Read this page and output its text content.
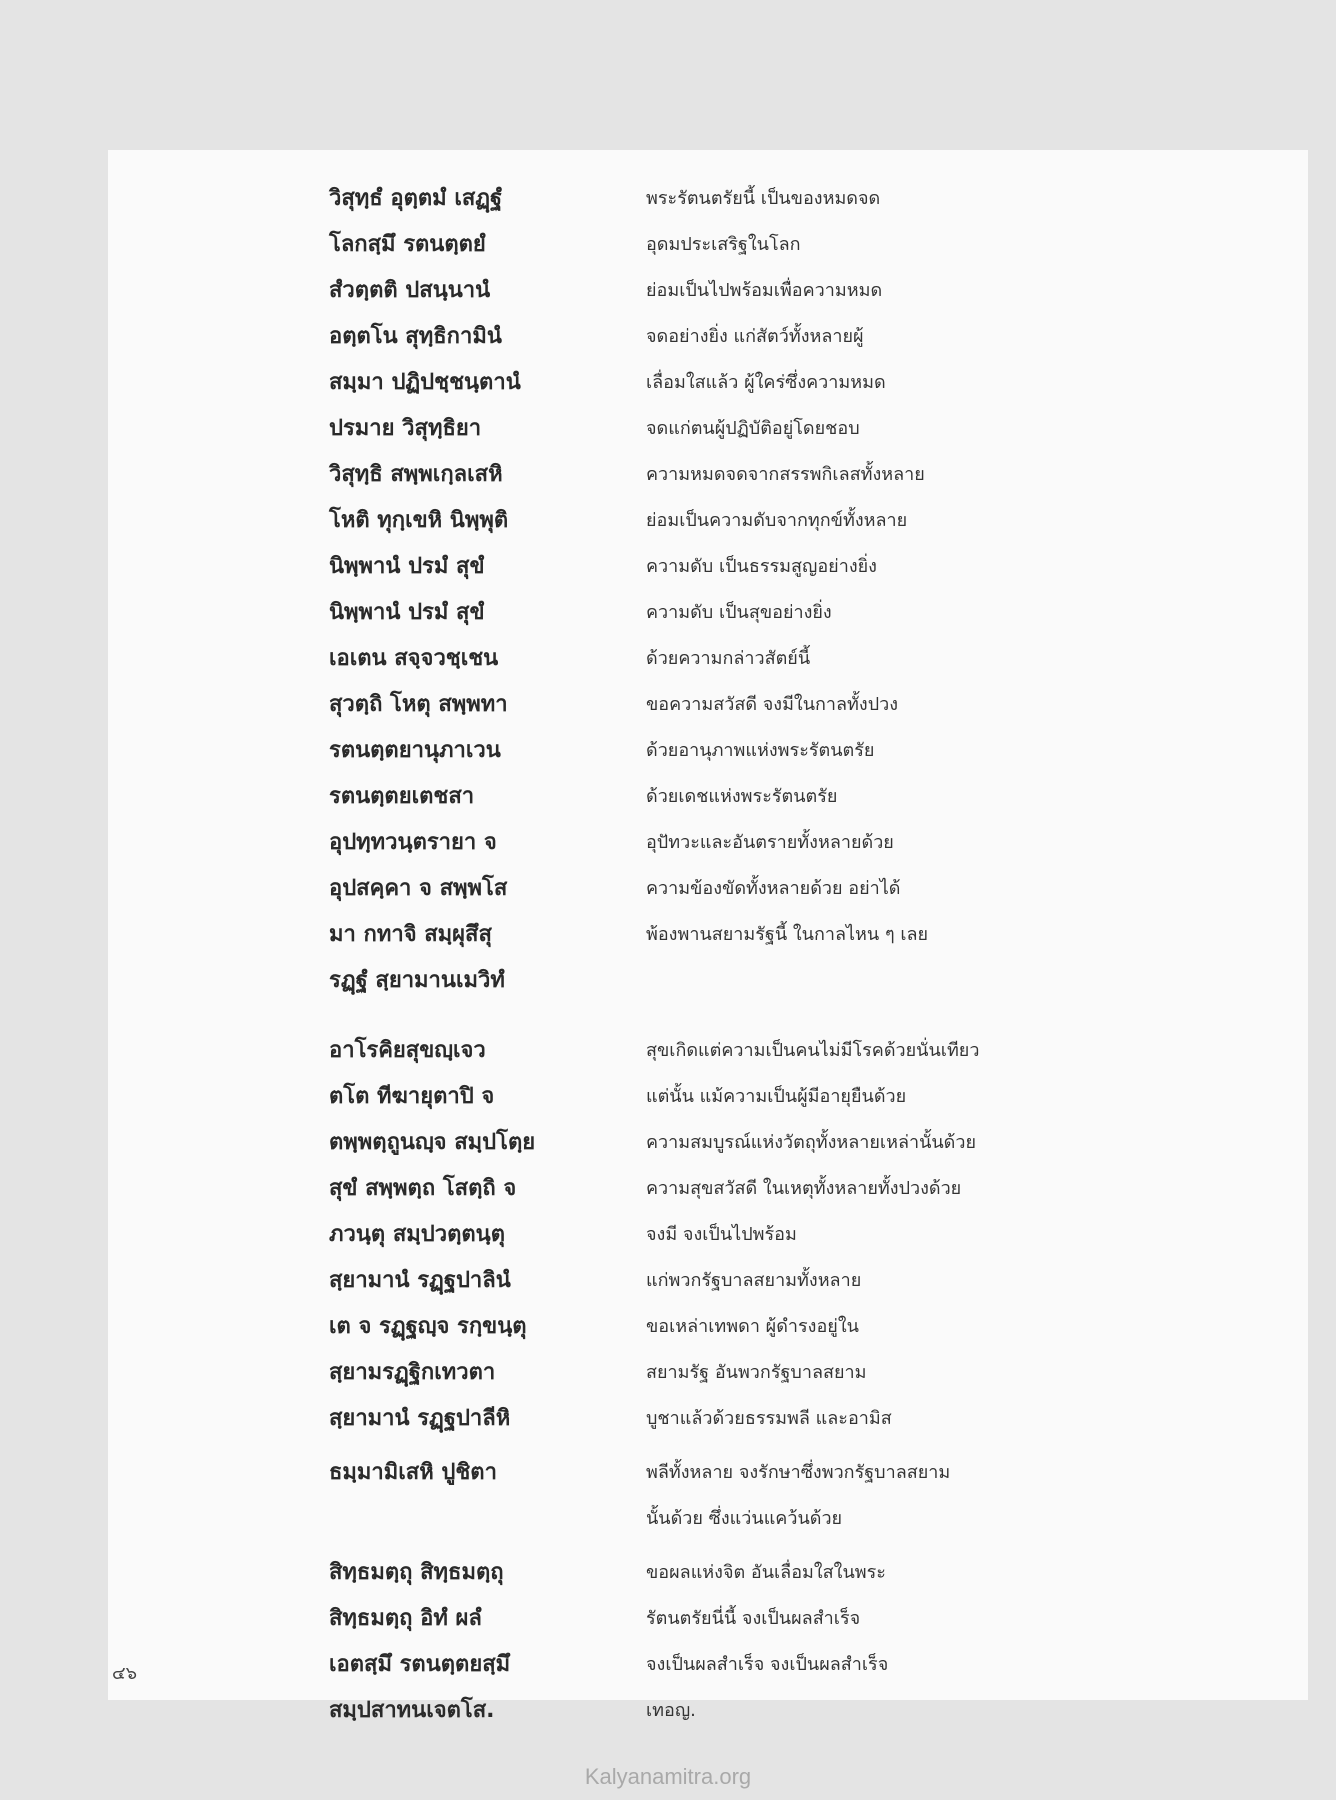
วิสุทฺธํ อุตฺตมํ เสฏฺฐํ	พระรัตนตรัยนี้ เป็นของหมดจด
โลกสฺมึ รตนตฺตยํ	อุดมประเสริฐในโลก
สํวตฺตติ ปสนฺนานํ	ย่อมเป็นไปพร้อมเพื่อความหมด
อตฺตโน สุทฺธิกามินํ	จดอย่างยิ่ง แก่สัตว์ทั้งหลายผู้
สมฺมา ปฏิปชฺชนฺตานํ	เลื่อมใสแล้ว ผู้ใคร่ซึ่งความหมด
ปรมาย วิสุทฺธิยา	จดแก่ตนผู้ปฏิบัติอยู่โดยชอบ
วิสุทฺธิ สพฺพเกฺลเสหิ	ความหมดจดจากสรรพกิเลสทั้งหลาย
โหติ ทุกฺเขหิ นิพฺพุติ	ย่อมเป็นความดับจากทุกข์ทั้งหลาย
นิพฺพานํ ปรมํ สุขํ	ความดับ เป็นธรรมสูญอย่างยิ่ง
นิพฺพานํ ปรมํ สุขํ	ความดับ เป็นสุขอย่างยิ่ง
เอเตน สจฺจวชฺเชน	ด้วยความกล่าวสัตย์นี้
สุวตฺถิ โหตุ สพฺพทา	ขอความสวัสดี จงมีในกาลทั้งปวง
รตนตฺตยานุภาเวน	ด้วยอานุภาพแห่งพระรัตนตรัย
รตนตฺตยเตชสา	ด้วยเดชแห่งพระรัตนตรัย
อุปทฺทวนฺตรายา จ	อุปัทวะและอันตรายทั้งหลายด้วย
อุปสคฺคา จ สพฺพโส	ความข้องขัดทั้งหลายด้วย อย่าได้
มา กทาจิ สมฺผุสึสุ	พ้องพานสยามรัฐนี้ ในกาลไหน ๆ เลย
รฏฺฐํ สฺยามานเมวิทํ
อาโรคิยสุขญฺเจว	สุขเกิดแต่ความเป็นคนไม่มีโรคด้วยนั่นเทียว
ตโต ทีฆายุตาปิ จ	แต่นั้น แม้ความเป็นผู้มีอายุยืนด้วย
ตพฺพตฺถูนญฺจ สมฺปโตฺย	ความสมบูรณ์แห่งวัตถุทั้งหลายเหล่านั้นด้วย
สุขํ สพฺพตฺถ โสตฺถิ จ	ความสุขสวัสดี ในเหตุทั้งหลายทั้งปวงด้วย
ภวนฺตุ สมฺปวตฺตนฺตุ	จงมี จงเป็นไปพร้อม
สฺยามานํ รฏฺฐปาลินํ	แก่พวกรัฐบาลสยามทั้งหลาย
เต จ รฏฺฐญฺจ รกฺขนฺตุ	ขอเหล่าเทพดา ผู้ดำรงอยู่ใน
สฺยามรฏฺฐิกเทวตา	สยามรัฐ อันพวกรัฐบาลสยาม
สฺยามานํ รฏฺฐปาลีหิ	บูชาแล้วด้วยธรรมพลี และอามิส
ธมฺมามิเสหิ ปูชิตา	พลีทั้งหลาย จงรักษาซึ่งพวกรัฐบาลสยาม
นั้นด้วย ซึ่งแว่นแคว้นด้วย
สิทฺธมตฺถุ สิทฺธมตฺถุ	ขอผลแห่งจิต อันเลื่อมใสในพระ
สิทฺธมตฺถุ อิทํ ผลํ	รัตนตรัยนี่นี้ จงเป็นผลสำเร็จ
เอตสฺมึ รตนตฺตยสฺมึ	จงเป็นผลสำเร็จ จงเป็นผลสำเร็จ
สมฺปสาทนเจตโส.	เทอญ.
๔๖
Kalyanamitra.org
